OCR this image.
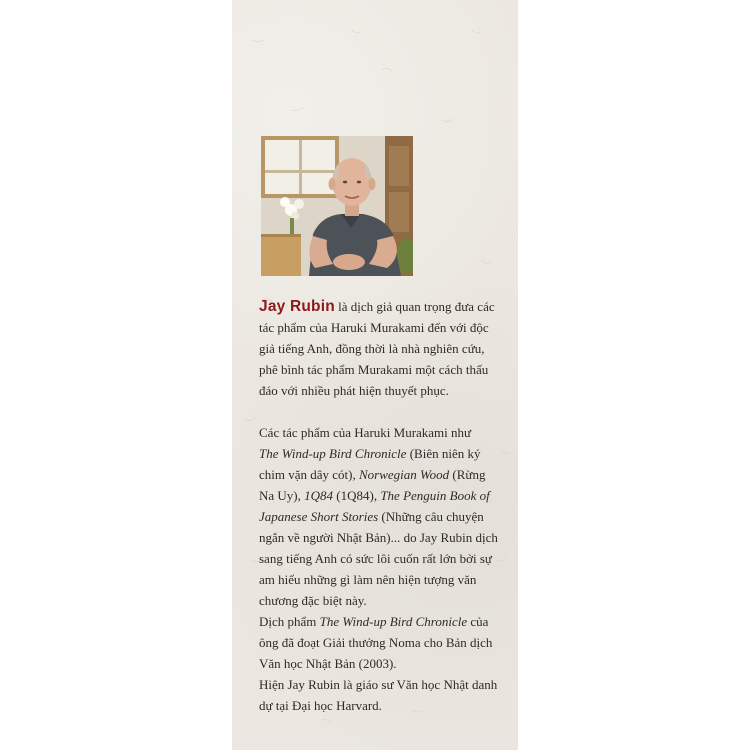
Jay Rubin là dịch giả quan trọng đưa các
tác phẩm của Haruki Murakami đến với độc
giả tiếng Anh, đồng thời là nhà nghiên cứu,
phê bình tác phẩm Murakami một cách thấu
đáo với nhiều phát hiện thuyết phục.

Các tác phẩm của Haruki Murakami như
The Wind-up Bird Chronicle (Biên niên ký
chim vặn dây cót), Norwegian Wood (Rừng
Na Uy), 1Q84 (1Q84), The Penguin Book of
Japanese Short Stories (Những câu chuyện
ngắn về người Nhật Bản)... do Jay Rubin dịch
sang tiếng Anh có sức lôi cuốn rất lớn bởi sự
am hiểu những gì làm nên hiện tượng văn
chương đặc biệt này.

Dịch phẩm The Wind-up Bird Chronicle của
ông đã đoạt Giải thưởng Noma cho Bản dịch
Văn học Nhật Bản (2003).

Hiện Jay Rubin là giáo sư Văn học Nhật danh
dự tại Đại học Harvard.
